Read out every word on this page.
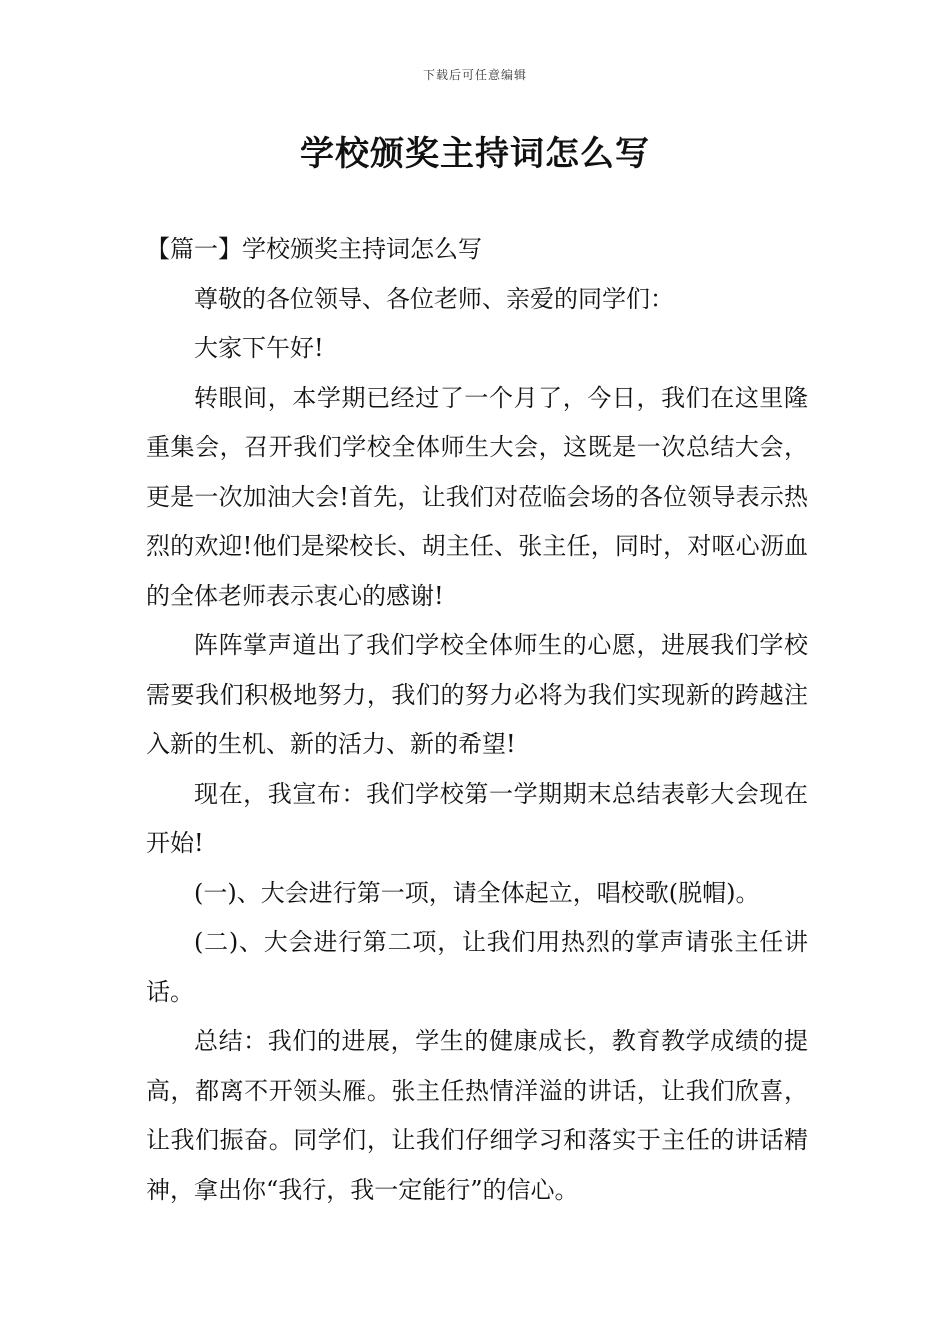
下载后可任意编辑
学校颁奖主持词怎么写

【篇一】学校颁奖主持词怎么写

尊敬的各位领导、各位老师、亲爱的同学们：

大家下午好!

转眼间，本学期已经过了一个月了，今日，我们在这里隆重集会，召开我们学校全体师生大会，这既是一次总结大会，更是一次加油大会!首先，让我们对莅临会场的各位领导表示热烈的欢迎!他们是梁校长、胡主任、张主任，同时，对呕心沥血的全体老师表示衷心的感谢!

阵阵掌声道出了我们学校全体师生的心愿，进展我们学校需要我们积极地努力，我们的努力必将为我们实现新的跨越注入新的生机、新的活力、新的希望!

现在，我宣布：我们学校第一学期期末总结表彰大会现在开始!

(一)、大会进行第一项，请全体起立，唱校歌(脱帽)。

(二)、大会进行第二项，让我们用热烈的掌声请张主任讲话。

总结：我们的进展，学生的健康成长，教育教学成绩的提高，都离不开领头雁。张主任热情洋溢的讲话，让我们欣喜，让我们振奋。同学们，让我们仔细学习和落实于主任的讲话精神，拿出你“我行，我一定能行”的信心。
